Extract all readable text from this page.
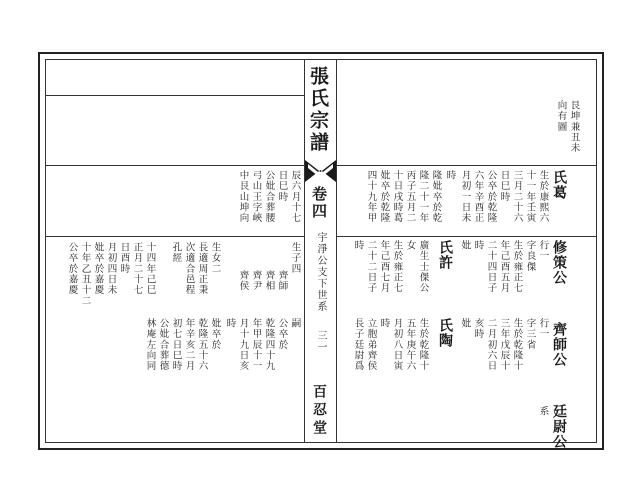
張氏宗譜
卷四
宇淨公支下世系
三一
百忍堂
艮坤兼丑未
向有圖
氏葛
生於康熙六
十一年壬寅
三月二十六
日巳時
公卒於乾隆
六年辛酉正
月初一日未
時
隆妣卒於乾
隆二十一年
丙子五月二
十日戌時葛
妣卒於乾隆
四十九年甲
修策公
行一
字良傑
生於雍正七
年己酉五月
二十四日子
時
妣
氏許
廣生士傑公
女
生於雍正七
年己酉七月
二十二日子
時
齊師公
行一
字三省
生於乾隆十
三年戊辰十
二月初六日
亥時
妣
氏陶
生於乾隆十
五年庚午六
月初八日寅
時
立胞弟齊侯
長子廷尉爲
廷尉公
系
辰六月十七
日巳時
公妣合葬腰
弓山王字峽
中艮山坤向
生子四
齊師
齊相
齊尹
齊侯
嗣
公卒於
乾隆四十九
年甲辰十一
月十九日亥
時
生女二
長適周正秉
次適合邑程
孔經
妣卒於
乾隆五十六
年辛亥二月
初七日巳時
公妣合葬德
林庵左向同
十四年己巳
正月二十七
日酉時
月初四日未
妣卒於嘉慶
十年乙丑十二
公卒於嘉慶
